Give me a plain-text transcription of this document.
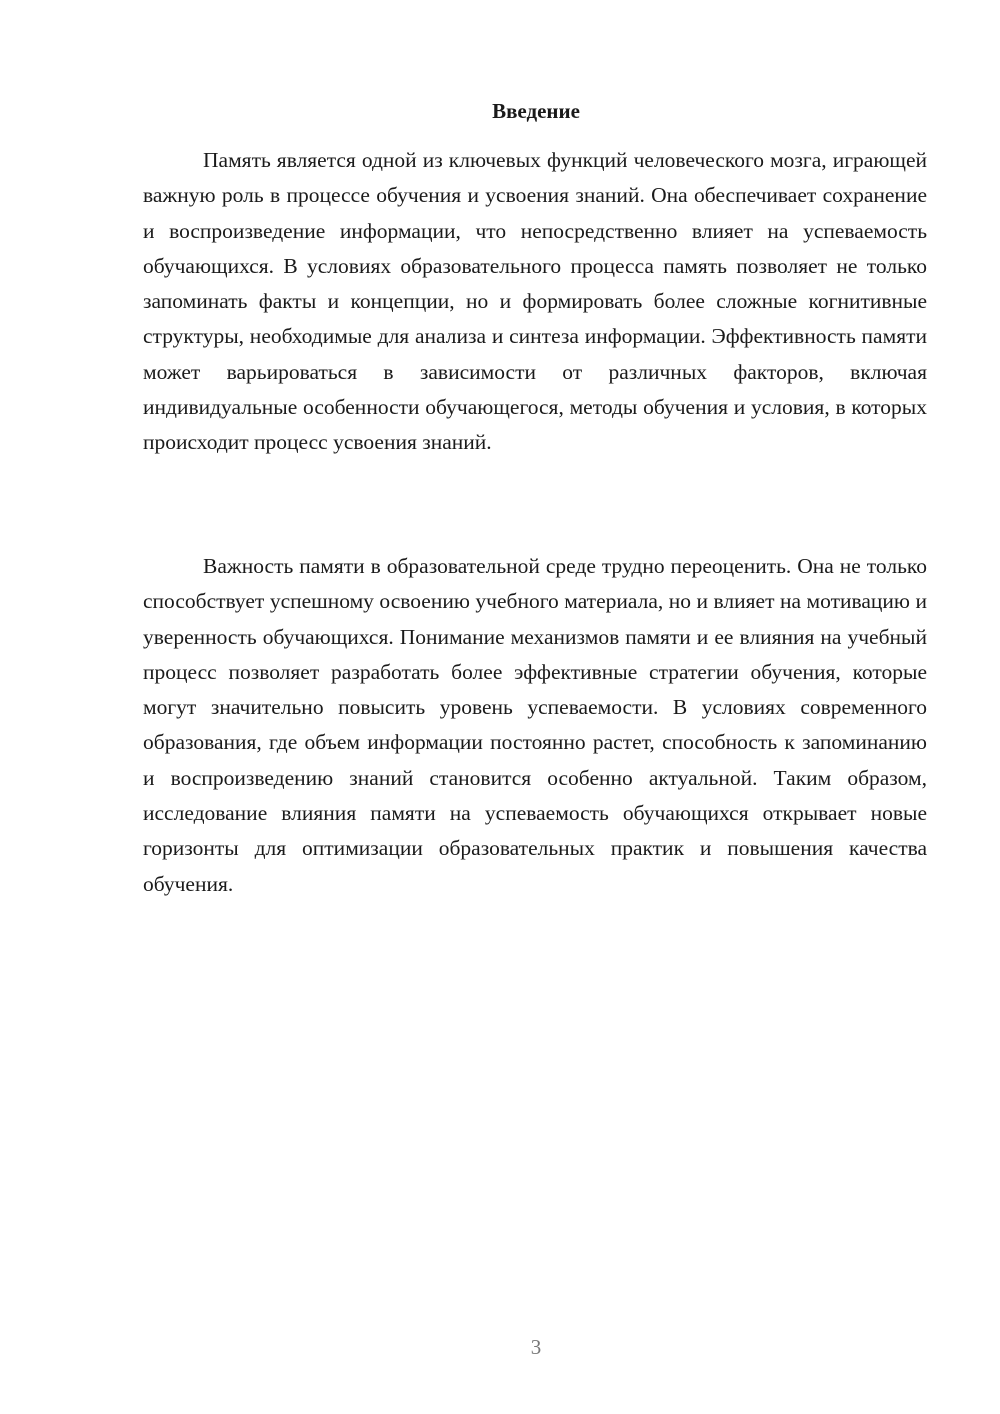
Введение

Память является одной из ключевых функций человеческого мозга, играющей важную роль в процессе обучения и усвоения знаний. Она обеспечивает сохранение и воспроизведение информации, что непосредственно влияет на успеваемость обучающихся. В условиях образовательного процесса память позволяет не только запоминать факты и концепции, но и формировать более сложные когнитивные структуры, необходимые для анализа и синтеза информации. Эффективность памяти может варьироваться в зависимости от различных факторов, включая индивидуальные особенности обучающегося, методы обучения и условия, в которых происходит процесс усвоения знаний.

Важность памяти в образовательной среде трудно переоценить. Она не только способствует успешному освоению учебного материала, но и влияет на мотивацию и уверенность обучающихся. Понимание механизмов памяти и ее влияния на учебный процесс позволяет разработать более эффективные стратегии обучения, которые могут значительно повысить уровень успеваемости. В условиях современного образования, где объем информации постоянно растет, способность к запоминанию и воспроизведению знаний становится особенно актуальной. Таким образом, исследование влияния памяти на успеваемость обучающихся открывает новые горизонты для оптимизации образовательных практик и повышения качества обучения.

3
